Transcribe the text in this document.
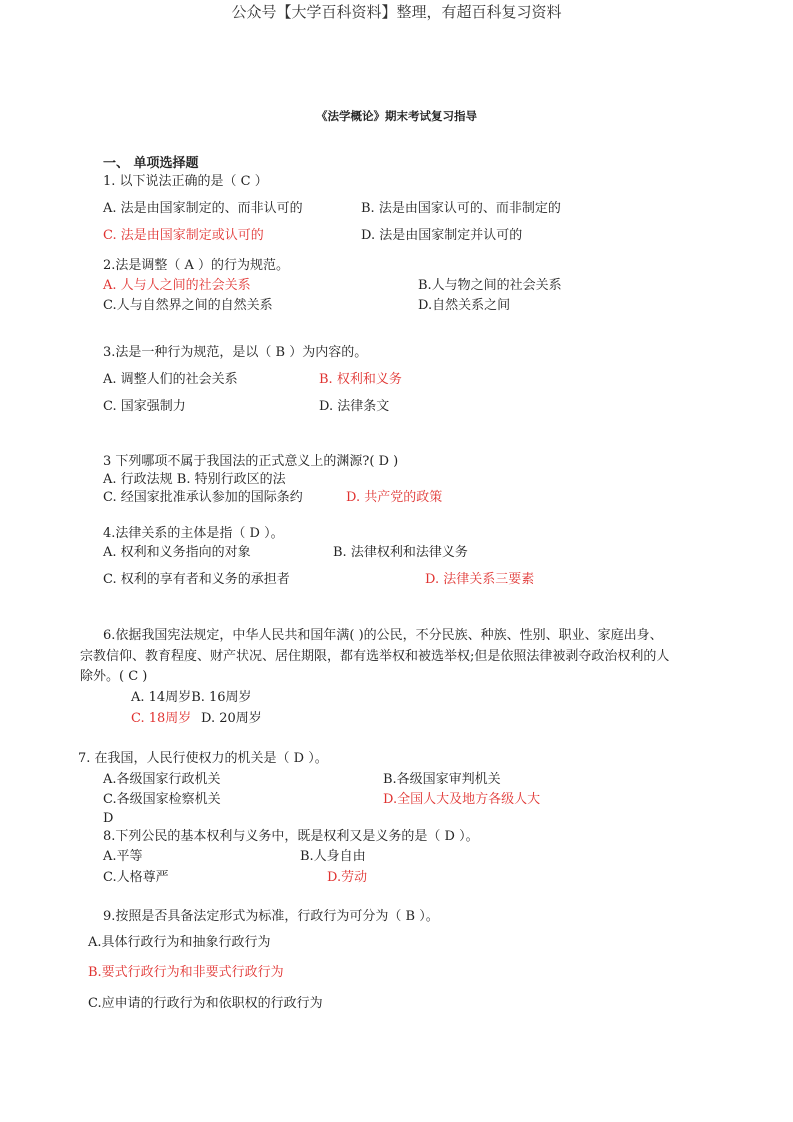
公众号【大学百科资料】整理，有超百科复习资料
《法学概论》期末考试复习指导
一、 单项选择题
1. 以下说法正确的是（ C ）
A. 法是由国家制定的、而非认可的	B. 法是由国家认可的、而非制定的
C. 法是由国家制定或认可的	D. 法是由国家制定并认可的
2.法是调整（ A ）的行为规范。
A. 人与人之间的社会关系	B.人与物之间的社会关系
C.人与自然界之间的自然关系	D.自然关系之间
3.法是一种行为规范，是以（ B ）为内容的。
A. 调整人们的社会关系	B. 权利和义务
C. 国家强制力	D. 法律条文
3 下列哪项不属于我国法的正式意义上的渊源?( D )
A. 行政法规 B. 特别行政区的法
C. 经国家批准承认参加的国际条约	D. 共产党的政策
4.法律关系的主体是指（ D ）。
A. 权利和义务指向的对象	B. 法律权利和法律义务
C. 权利的享有者和义务的承担者	D. 法律关系三要素
6.依据我国宪法规定，中华人民共和国年满( )的公民，不分民族、种族、性别、职业、家庭出身、
宗教信仰、教育程度、财产状况、居住期限，都有选举权和被选举权;但是依照法律被剥夺政治权利的人
除外。( C )
A. 14周岁B. 16周岁
C. 18周岁 D. 20周岁
7. 在我国，人民行使权力的机关是（ D ）。
A.各级国家行政机关	B.各级国家审判机关
C.各级国家检察机关	D.全国人大及地方各级人大
D
8.下列公民的基本权利与义务中，既是权利又是义务的是（ D ）。
A.平等	B.人身自由
C.人格尊严	D.劳动
9.按照是否具备法定形式为标准，行政行为可分为（ B ）。
A.具体行政行为和抽象行政行为
B.要式行政行为和非要式行政行为
C.应申请的行政行为和依职权的行政行为
